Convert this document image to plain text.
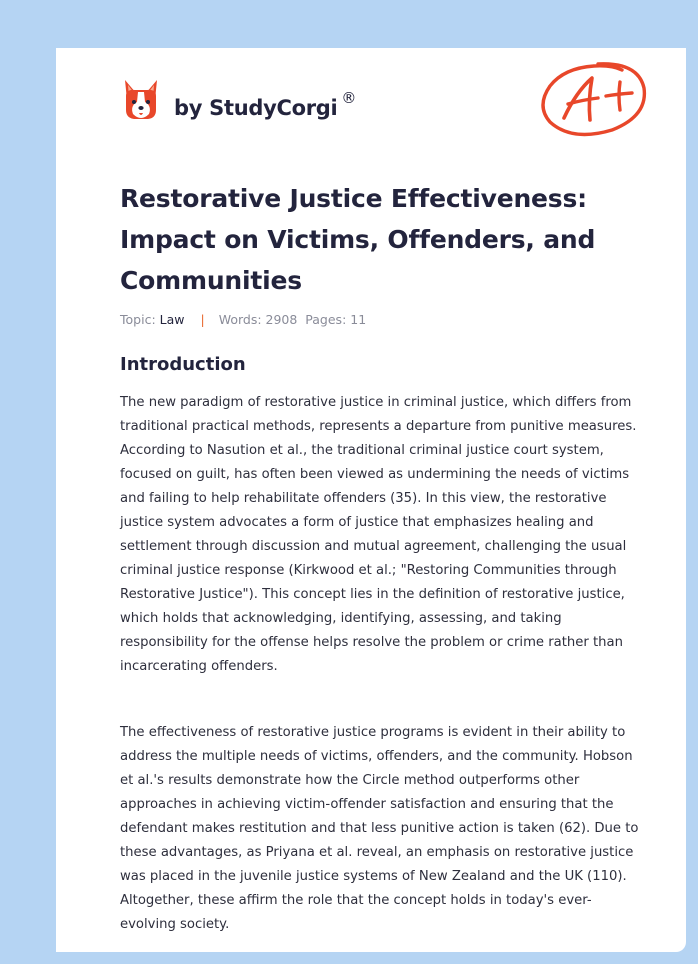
by StudyCorgi ®
Restorative Justice Effectiveness: Impact on Victims, Offenders, and Communities
Topic: Law | Words: 2908 Pages: 11
Introduction

The new paradigm of restorative justice in criminal justice, which differs from traditional practical methods, represents a departure from punitive measures. According to Nasution et al., the traditional criminal justice court system, focused on guilt, has often been viewed as undermining the needs of victims and failing to help rehabilitate offenders (35). In this view, the restorative justice system advocates a form of justice that emphasizes healing and settlement through discussion and mutual agreement, challenging the usual criminal justice response (Kirkwood et al.; "Restoring Communities through Restorative Justice"). This concept lies in the definition of restorative justice, which holds that acknowledging, identifying, assessing, and taking responsibility for the offense helps resolve the problem or crime rather than incarcerating offenders.

The effectiveness of restorative justice programs is evident in their ability to address the multiple needs of victims, offenders, and the community. Hobson et al.'s results demonstrate how the Circle method outperforms other approaches in achieving victim-offender satisfaction and ensuring that the defendant makes restitution and that less punitive action is taken (62). Due to these advantages, as Priyana et al. reveal, an emphasis on restorative justice was placed in the juvenile justice systems of New Zealand and the UK (110). Altogether, these affirm the role that the concept holds in today's ever-evolving society.
